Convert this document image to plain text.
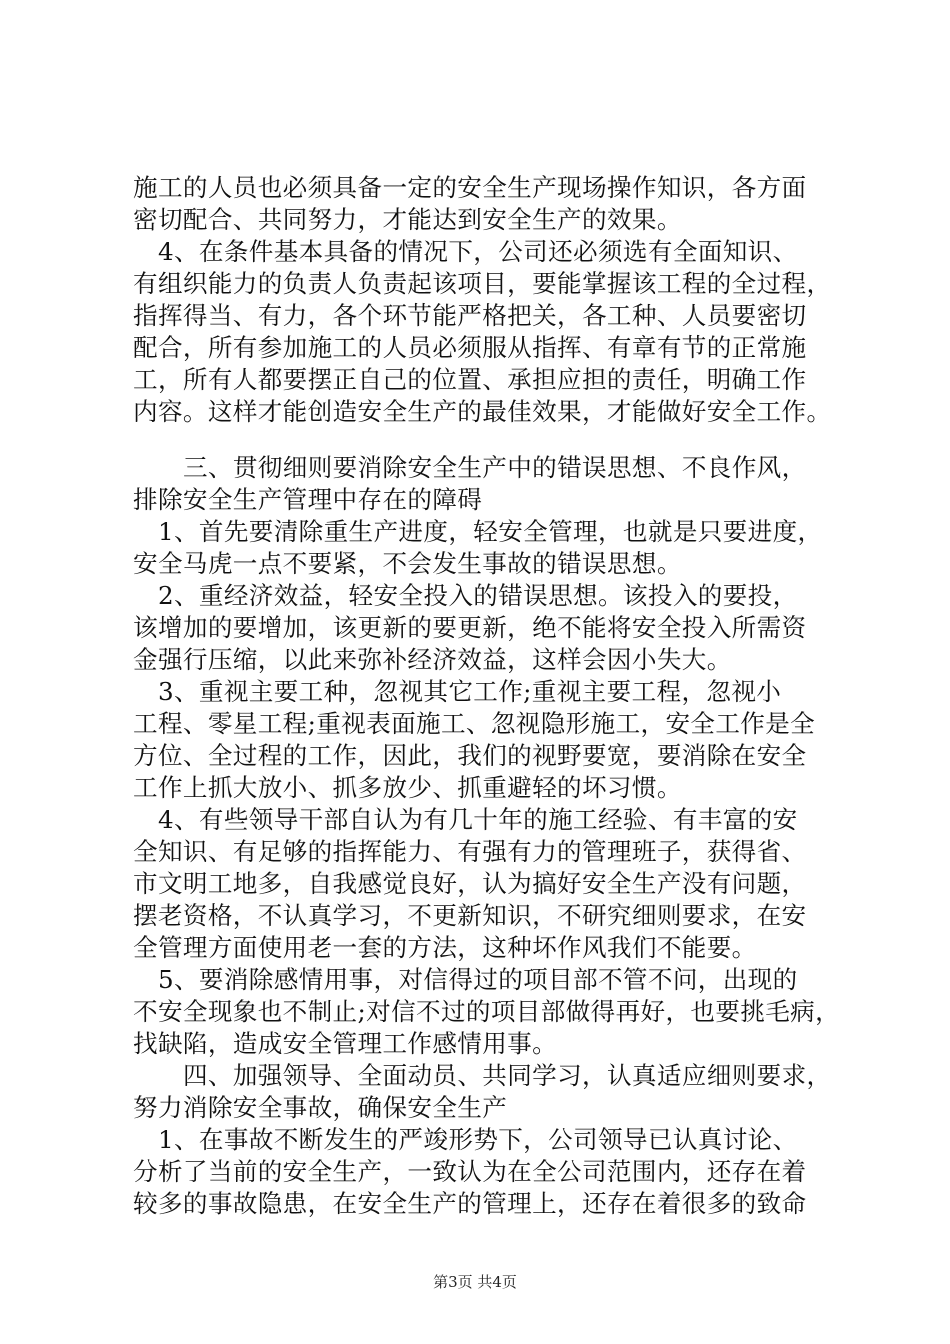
施工的人员也必须具备一定的安全生产现场操作知识，各方面
密切配合、共同努力，才能达到安全生产的效果。
　4、在条件基本具备的情况下，公司还必须选有全面知识、
有组织能力的负责人负责起该项目，要能掌握该工程的全过程，
指挥得当、有力，各个环节能严格把关，各工种、人员要密切
配合，所有参加施工的人员必须服从指挥、有章有节的正常施
工，所有人都要摆正自己的位置、承担应担的责任，明确工作
内容。这样才能创造安全生产的最佳效果，才能做好安全工作。
　三、贯彻细则要消除安全生产中的错误思想、不良作风，
排除安全生产管理中存在的障碍
　1、首先要清除重生产进度，轻安全管理，也就是只要进度，
安全马虎一点不要紧，不会发生事故的错误思想。
　2、重经济效益，轻安全投入的错误思想。该投入的要投，
该增加的要增加，该更新的要更新，绝不能将安全投入所需资
金强行压缩，以此来弥补经济效益，这样会因小失大。
　3、重视主要工种，忽视其它工作;重视主要工程，忽视小
工程、零星工程;重视表面施工、忽视隐形施工，安全工作是全
方位、全过程的工作，因此，我们的视野要宽，要消除在安全
工作上抓大放小、抓多放少、抓重避轻的坏习惯。
　4、有些领导干部自认为有几十年的施工经验、有丰富的安
全知识、有足够的指挥能力、有强有力的管理班子，获得省、
市文明工地多，自我感觉良好，认为搞好安全生产没有问题，
摆老资格，不认真学习，不更新知识，不研究细则要求，在安
全管理方面使用老一套的方法，这种坏作风我们不能要。
　5、要消除感情用事，对信得过的项目部不管不问，出现的
不安全现象也不制止;对信不过的项目部做得再好，也要挑毛病，
找缺陷，造成安全管理工作感情用事。
　四、加强领导、全面动员、共同学习，认真适应细则要求，
努力消除安全事故，确保安全生产
　1、在事故不断发生的严竣形势下，公司领导已认真讨论、
分析了当前的安全生产，一致认为在全公司范围内，还存在着
较多的事故隐患，在安全生产的管理上，还存在着很多的致命
第3页 共4页
